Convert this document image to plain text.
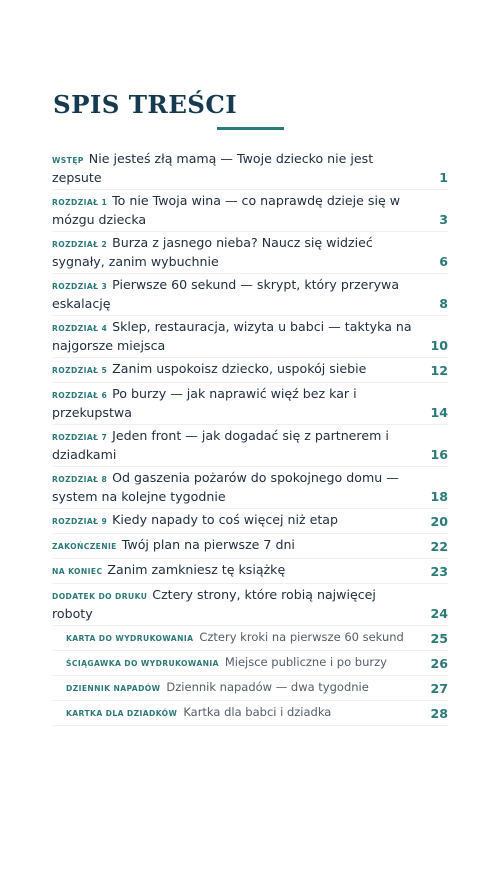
SPIS TREŚCI
WSTĘP Nie jesteś złą mamą — Twoje dziecko nie jest zepsute	1
ROZDZIAŁ 1 To nie Twoja wina — co naprawdę dzieje się w mózgu dziecka	3
ROZDZIAŁ 2 Burza z jasnego nieba? Naucz się widzieć sygnały, zanim wybuchnie	6
ROZDZIAŁ 3 Pierwsze 60 sekund — skrypt, który przerywa eskalację	8
ROZDZIAŁ 4 Sklep, restauracja, wizyta u babci — taktyka na najgorsze miejsca	10
ROZDZIAŁ 5 Zanim uspokoisz dziecko, uspokój siebie	12
ROZDZIAŁ 6 Po burzy — jak naprawić więź bez kar i przekupstwa	14
ROZDZIAŁ 7 Jeden front — jak dogadać się z partnerem i dziadkami	16
ROZDZIAŁ 8 Od gaszenia pożarów do spokojnego domu — system na kolejne tygodnie	18
ROZDZIAŁ 9 Kiedy napady to coś więcej niż etap	20
ZAKOŃCZENIE Twój plan na pierwsze 7 dni	22
NA KONIEC Zanim zamkniesz tę książkę	23
DODATEK DO DRUKU Cztery strony, które robią najwięcej roboty	24
KARTA DO WYDRUKOWANIA Cztery kroki na pierwsze 60 sekund	25
ŚCIĄGAWKA DO WYDRUKOWANIA Miejsce publiczne i po burzy	26
DZIENNIK NAPADÓW Dziennik napadów — dwa tygodnie	27
KARTKA DLA DZIADKÓW Kartka dla babci i dziadka	28
